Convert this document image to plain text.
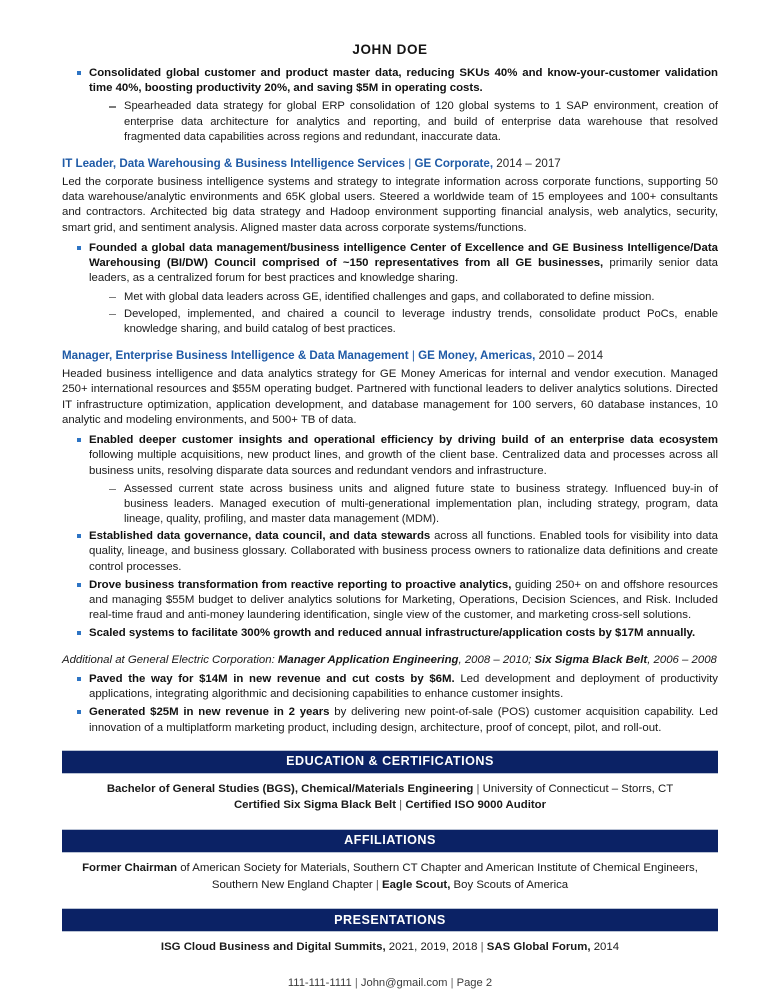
JOHN DOE
Consolidated global customer and product master data, reducing SKUs 40% and know-your-customer validation time 40%, boosting productivity 20%, and saving $5M in operating costs.
Spearheaded data strategy for global ERP consolidation of 120 global systems to 1 SAP environment, creation of enterprise data architecture for analytics and reporting, and build of enterprise data warehouse that resolved fragmented data capabilities across regions and redundant, inaccurate data.
IT Leader, Data Warehousing & Business Intelligence Services | GE Corporate, 2014 – 2017
Led the corporate business intelligence systems and strategy to integrate information across corporate functions, supporting 50 data warehouse/analytic environments and 65K global users. Steered a worldwide team of 15 employees and 100+ consultants and contractors. Architected big data strategy and Hadoop environment supporting financial analysis, web analytics, security, smart grid, and sentiment analysis. Aligned master data across corporate systems/functions.
Founded a global data management/business intelligence Center of Excellence and GE Business Intelligence/Data Warehousing (BI/DW) Council comprised of ~150 representatives from all GE businesses, primarily senior data leaders, as a centralized forum for best practices and knowledge sharing.
Met with global data leaders across GE, identified challenges and gaps, and collaborated to define mission.
Developed, implemented, and chaired a council to leverage industry trends, consolidate product PoCs, enable knowledge sharing, and build catalog of best practices.
Manager, Enterprise Business Intelligence & Data Management | GE Money, Americas, 2010 – 2014
Headed business intelligence and data analytics strategy for GE Money Americas for internal and vendor execution. Managed 250+ international resources and $55M operating budget. Partnered with functional leaders to deliver analytics solutions. Directed IT infrastructure optimization, application development, and database management for 100 servers, 60 database instances, 10 analytic and modeling environments, and 500+ TB of data.
Enabled deeper customer insights and operational efficiency by driving build of an enterprise data ecosystem following multiple acquisitions, new product lines, and growth of the client base. Centralized data and processes across all business units, resolving disparate data sources and redundant vendors and infrastructure.
Assessed current state across business units and aligned future state to business strategy. Influenced buy-in of business leaders. Managed execution of multi-generational implementation plan, including strategy, program, data lineage, quality, profiling, and master data management (MDM).
Established data governance, data council, and data stewards across all functions. Enabled tools for visibility into data quality, lineage, and business glossary. Collaborated with business process owners to rationalize data definitions and create control processes.
Drove business transformation from reactive reporting to proactive analytics, guiding 250+ on and offshore resources and managing $55M budget to deliver analytics solutions for Marketing, Operations, Decision Sciences, and Risk. Included real-time fraud and anti-money laundering identification, single view of the customer, and marketing cross-sell solutions.
Scaled systems to facilitate 300% growth and reduced annual infrastructure/application costs by $17M annually.
Additional at General Electric Corporation: Manager Application Engineering, 2008 – 2010; Six Sigma Black Belt, 2006 – 2008
Paved the way for $14M in new revenue and cut costs by $6M. Led development and deployment of productivity applications, integrating algorithmic and decisioning capabilities to enhance customer insights.
Generated $25M in new revenue in 2 years by delivering new point-of-sale (POS) customer acquisition capability. Led innovation of a multiplatform marketing product, including design, architecture, proof of concept, pilot, and roll-out.
EDUCATION & CERTIFICATIONS
Bachelor of General Studies (BGS), Chemical/Materials Engineering | University of Connecticut – Storrs, CT
Certified Six Sigma Black Belt | Certified ISO 9000 Auditor
AFFILIATIONS
Former Chairman of American Society for Materials, Southern CT Chapter and American Institute of Chemical Engineers, Southern New England Chapter | Eagle Scout, Boy Scouts of America
PRESENTATIONS
ISG Cloud Business and Digital Summits, 2021, 2019, 2018 | SAS Global Forum, 2014
111-111-1111 | John@gmail.com | Page 2
